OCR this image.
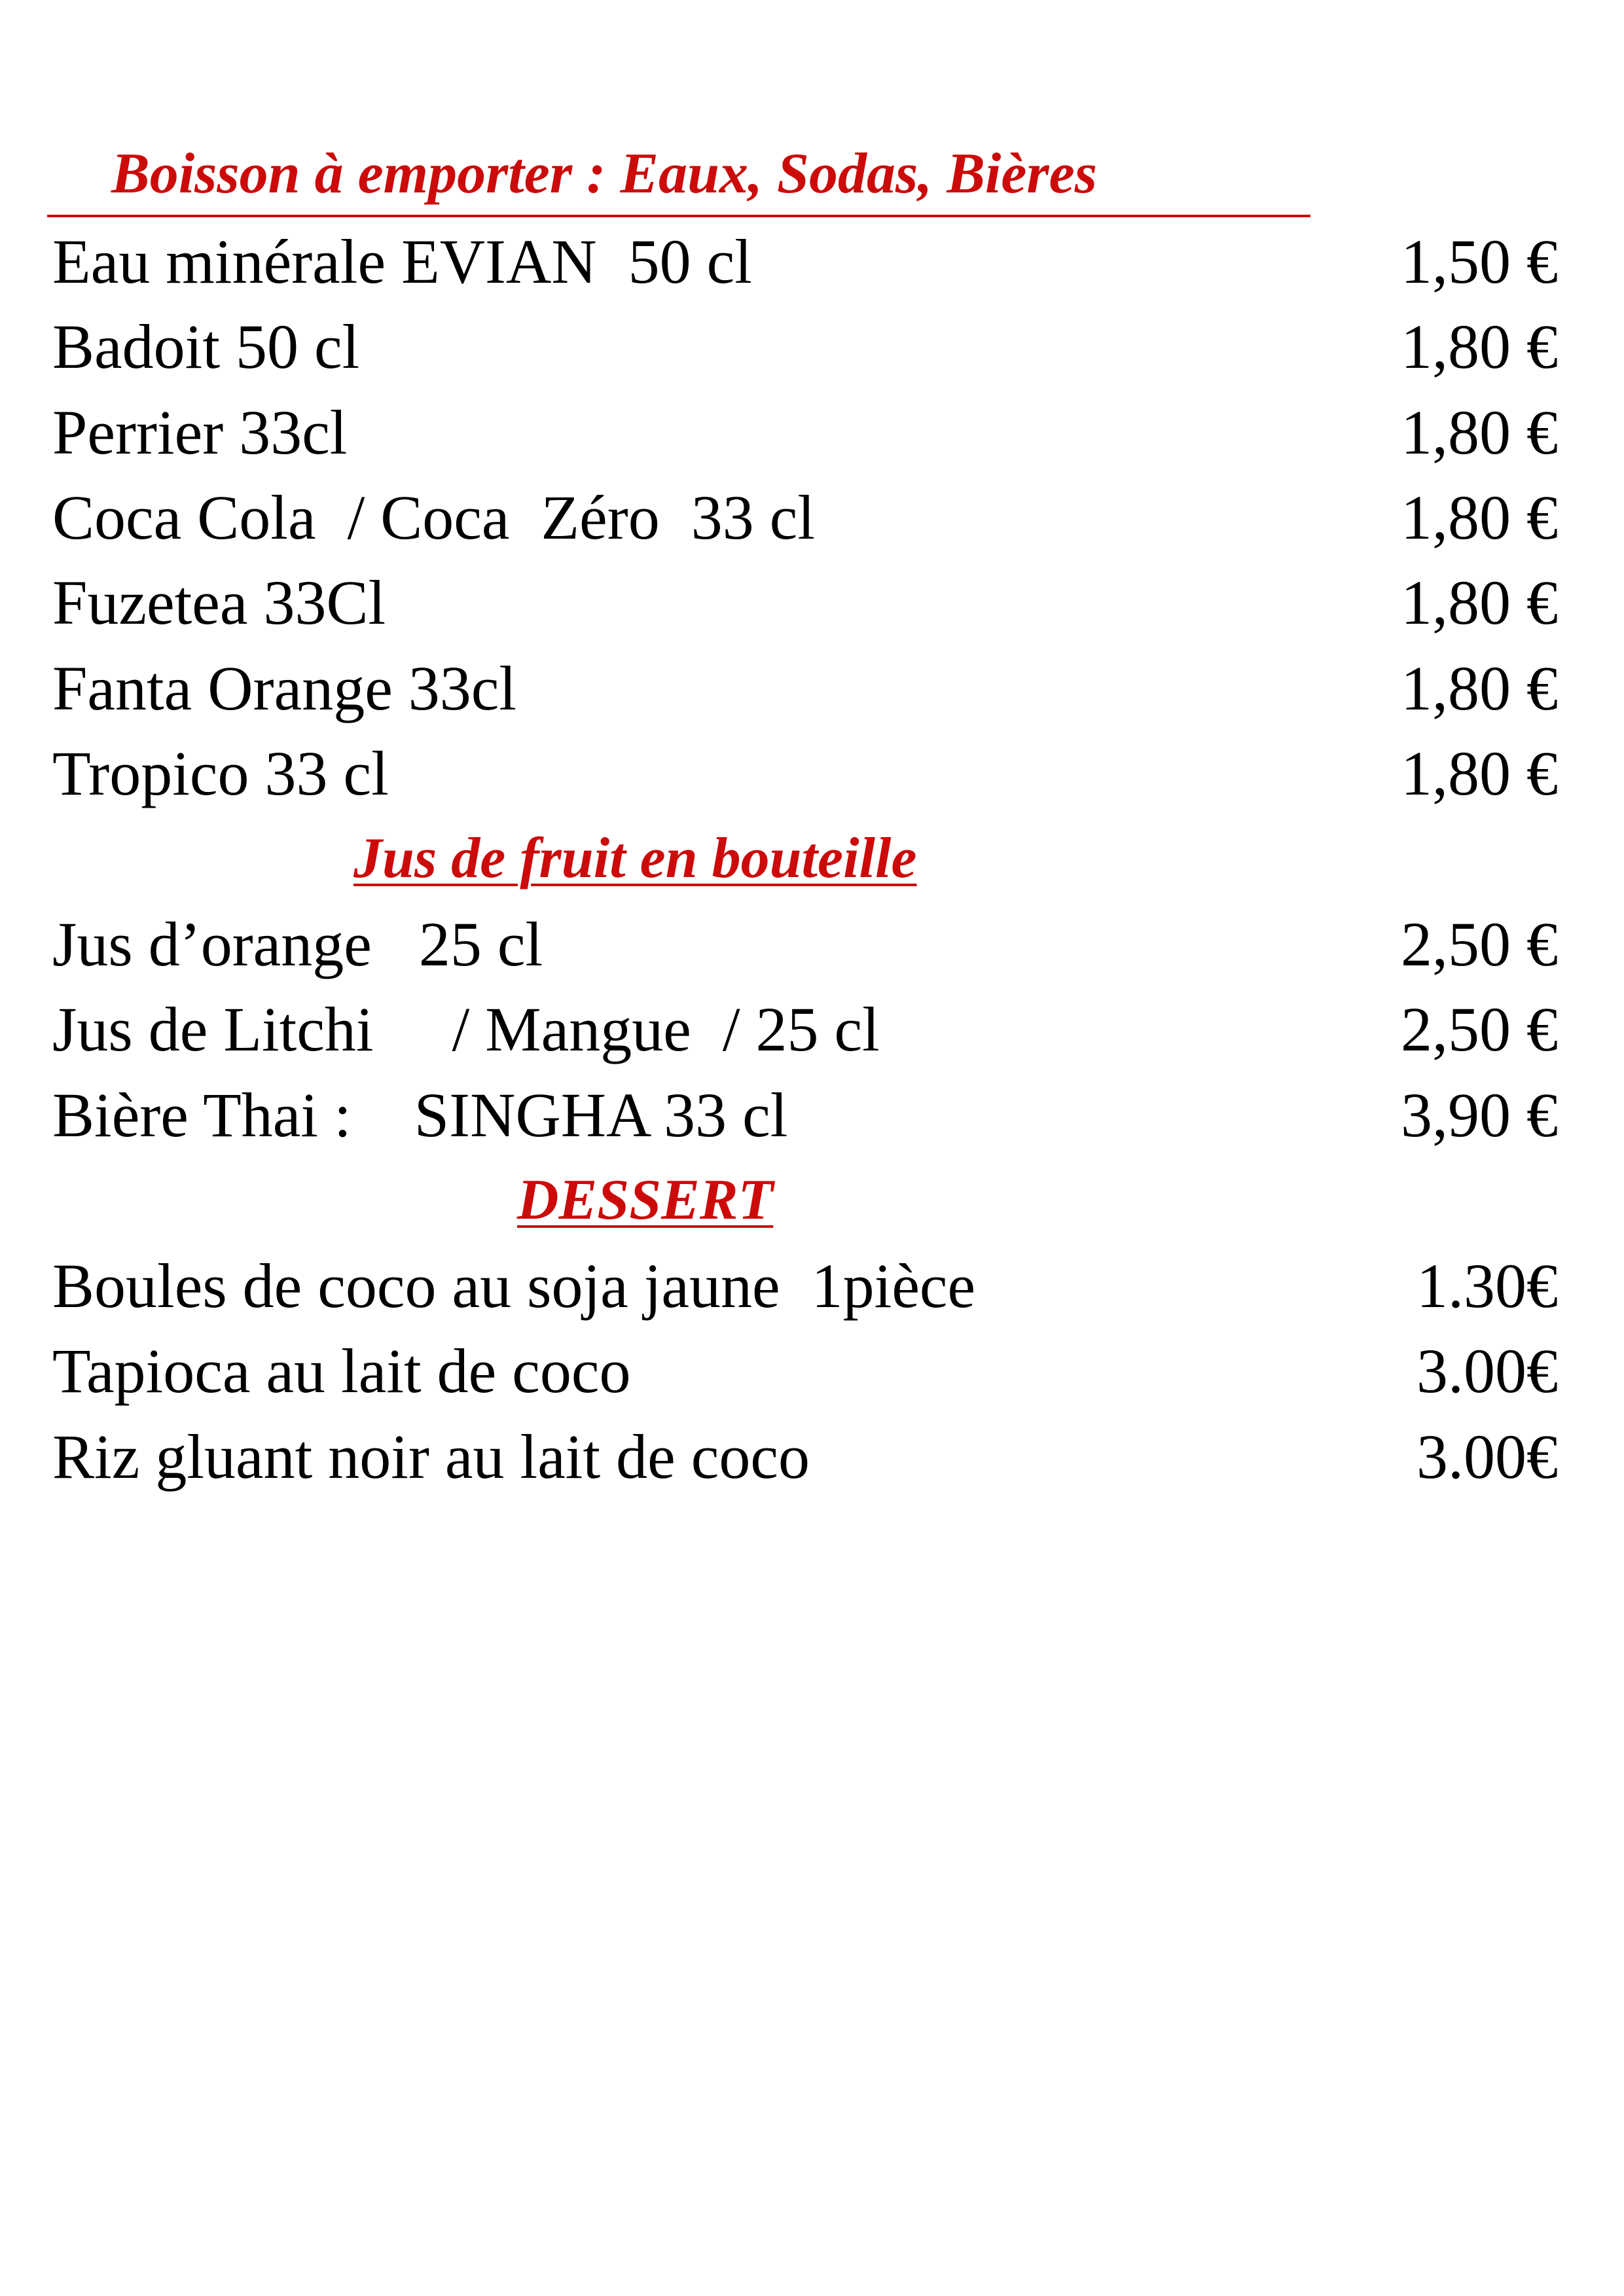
Boisson à emporter : Eaux, Sodas, Bières
Eau minérale EVIAN  50 cl	1,50 €
Badoit 50 cl	1,80 €
Perrier 33cl	1,80 €
Coca Cola  / Coca  Zéro  33 cl	1,80 €
Fuzetea 33Cl	1,80 €
Fanta Orange 33cl	1,80 €
Tropico 33 cl	1,80 €
Jus de fruit en bouteille
Jus d’orange   25 cl	2,50 €
Jus de Litchi     / Mangue  / 25 cl	2,50 €
Bière Thai :    SINGHA 33 cl	3,90 €
DESSERT
Boules de coco au soja jaune  1pièce	1.30€
Tapioca au lait de coco	3.00€
Riz gluant noir au lait de coco	3.00€
